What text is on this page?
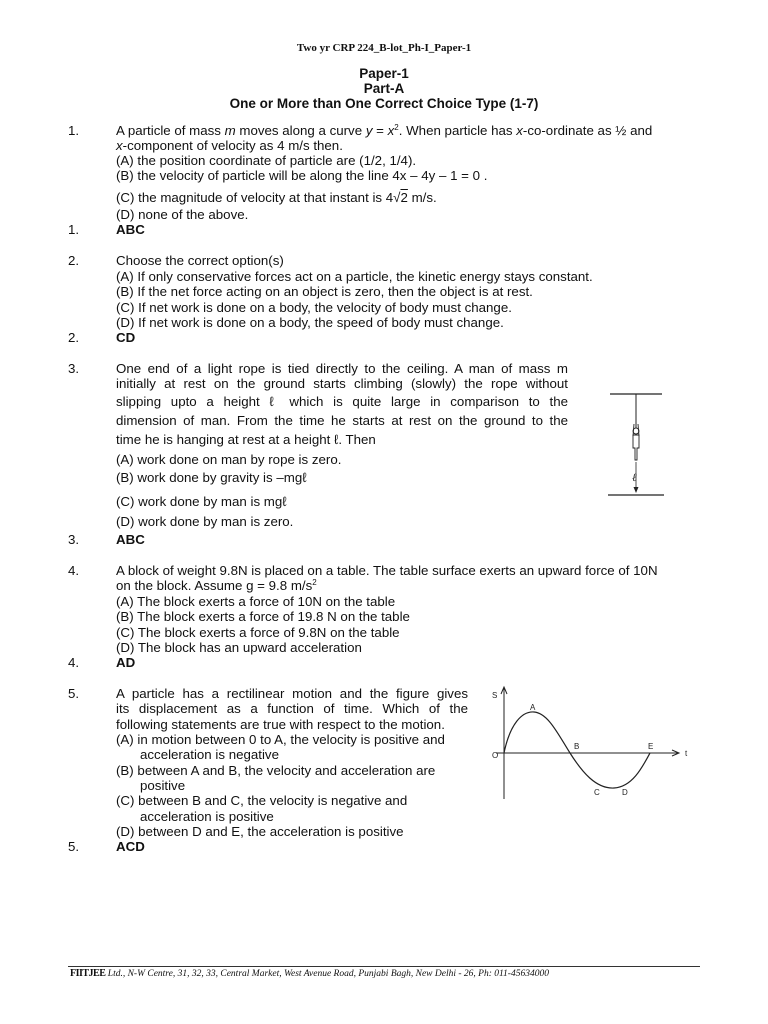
Two yr CRP 224_B-lot_Ph-I_Paper-1
Paper-1
Part-A
One or More than One Correct Choice Type (1-7)
1.	A particle of mass m moves along a curve $y = x^2$. When particle has x-co-ordinate as ½ and
x-component of velocity as 4 m/s then.
(A) the position coordinate of particle are (1/2, 1/4).
(B) the velocity of particle will be along the line 4x – 4y – 1 = 0 .
(C) the magnitude of velocity at that instant is 4√2 m/s.
(D) none of the above.
1.	ABC
2.	Choose the correct option(s)
(A) If only conservative forces act on a particle, the kinetic energy stays constant.
(B) If the net force acting on an object is zero, then the object is at rest.
(C) If net work is done on a body, the velocity of body must change.
(D) If net work is done on a body, the speed of body must change.
2.	CD
3.	One end of a light rope is tied directly to the ceiling. A man of mass m
initially at rest on the ground starts climbing (slowly) the rope without
slipping upto a height ℓ which is quite large in comparison to the
dimension of man. From the time he starts at rest on the ground to the
time he is hanging at rest at a height ℓ. Then
(A) work done on man by rope is zero.
(B) work done by gravity is –mgℓ
(C) work done by man is mgℓ
(D) work done by man is zero.
3.	ABC
ℓ
4.	A block of weight 9.8N is placed on a table. The table surface exerts an upward force of 10N
on the block. Assume g = 9.8 $m/s^2$
(A) The block exerts a force of 10N on the table
(B) The block exerts a force of 19.8 N on the table
(C) The block exerts a force of 9.8N on the table
(D) The block has an upward acceleration
4.	AD
5.	A particle has a rectilinear motion and the figure gives
its displacement as a function of time. Which of the
following statements are true with respect to the motion.
(A) in motion between 0 to A, the velocity is positive and
acceleration is negative
(B) between A and B, the velocity and acceleration are
positive
(C) between B and C, the velocity is negative and
acceleration is positive
(D) between D and E, the acceleration is positive
5.	ACD
S
t
O
A
B
C	D
E
FIITJEE Ltd., N-W Centre, 31, 32, 33, Central Market, West Avenue Road, Punjabi Bagh, New Delhi - 26, Ph: 011-45634000
